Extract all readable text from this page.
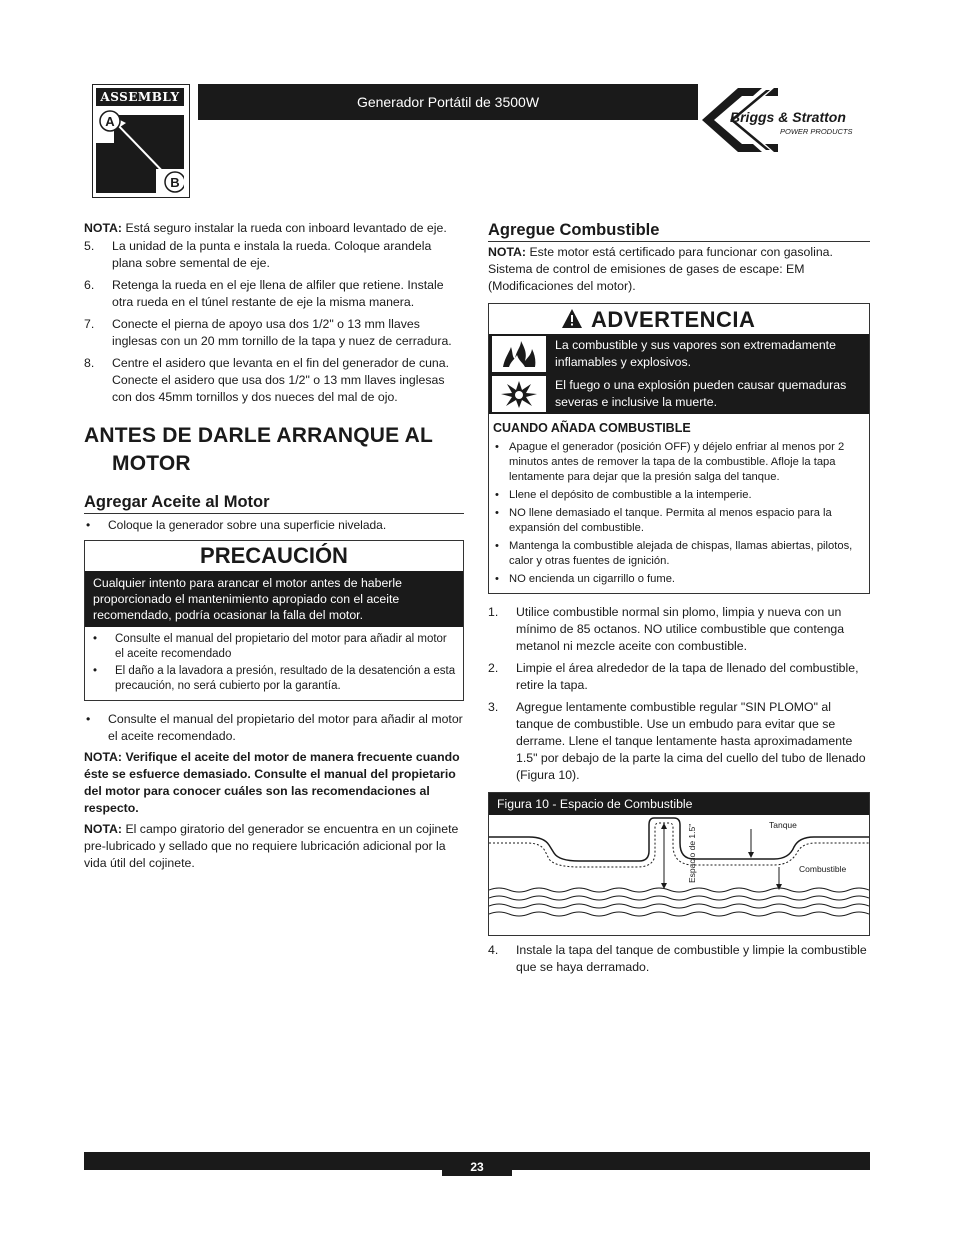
ASSEMBLY
A
B
Generador Portátil de 3500W
Briggs & Stratton
POWER PRODUCTS

NOTA: Está seguro instalar la rueda con inboard levantado de eje.

5.	La unidad de la punta e instala la rueda. Coloque arandela plana sobre semental de eje.
6.	Retenga la rueda en el eje llena de alfiler que retiene. Instale otra rueda en el túnel restante de eje la misma manera.
7.	Conecte el pierna de apoyo usa dos 1/2" o 13 mm llaves inglesas con un 20 mm tornillo de la tapa y nuez de cerradura.
8.	Centre el asidero que levanta en el fin del generador de cuna. Conecte el asidero que usa dos 1/2" o 13 mm llaves inglesas con dos 45mm tornillos y dos nueces del mal de ojo.
ANTES DE DARLE ARRANQUE AL
MOTOR
Agregar Aceite al Motor
•	Coloque la generador sobre una superficie nivelada.
PRECAUCIÓN
Cualquier intento para arancar el motor antes de haberle proporcionado el mantenimiento apropiado con el aceite recomendado, podría ocasionar la falla del motor.
•	Consulte el manual del propietario del motor para añadir al motor el aceite recomendado
•	El daño a la lavadora a presión, resultado de la desatención a esta precaución, no será cubierto por la garantía.
•	Consulte el manual del propietario del motor para añadir al motor el aceite recomendado.

NOTA: Verifique el aceite del motor de manera frecuente cuando éste se esfuerce demasiado. Consulte el manual del propietario del motor para conocer cuáles son las recomendaciones al respecto.

NOTA: El campo giratorio del generador se encuentra en un cojinete pre-lubricado y sellado que no requiere lubricación adicional por la vida útil del cojinete.

Agregue Combustible

NOTA: Este motor está certificado para funcionar con gasolina. Sistema de control de emisiones de gases de escape: EM (Modificaciones del motor).

ADVERTENCIA
La combustible y sus vapores son extremadamente inflamables y explosivos.
El fuego o una explosión pueden causar quemaduras severas e inclusive la muerte.
CUANDO AÑADA COMBUSTIBLE
• Apague el generador (posición OFF) y déjelo enfriar al menos por 2 minutos antes de remover la tapa de la combustible. Afloje la tapa lentamente para dejar que la presión salga del tanque.
• Llene el depósito de combustible a la intemperie.
• NO llene demasiado el tanque. Permita al menos espacio para la expansión del combustible.
• Mantenga la combustible alejada de chispas, llamas abiertas, pilotos, calor y otras fuentes de ignición.
• NO encienda un cigarrillo o fume.
1.	Utilice combustible normal sin plomo, limpia y nueva con un mínimo de 85 octanos. NO utilice combustible que contenga metanol ni mezcle aceite con combustible.
2.	Limpie el área alrededor de la tapa de llenado del combustible, retire la tapa.
3.	Agregue lentamente combustible regular "SIN PLOMO" al tanque de combustible. Use un embudo para evitar que se derrame. Llene el tanque lentamente hasta aproximadamente 1.5" por debajo de la parte la cima del cuello del tubo de llenado (Figura 10).
Figura 10 - Espacio de Combustible
Espacio de 1.5"	Tanque
Combustible
4.	Instale la tapa del tanque de combustible y limpie la combustible que se haya derramado.
23
